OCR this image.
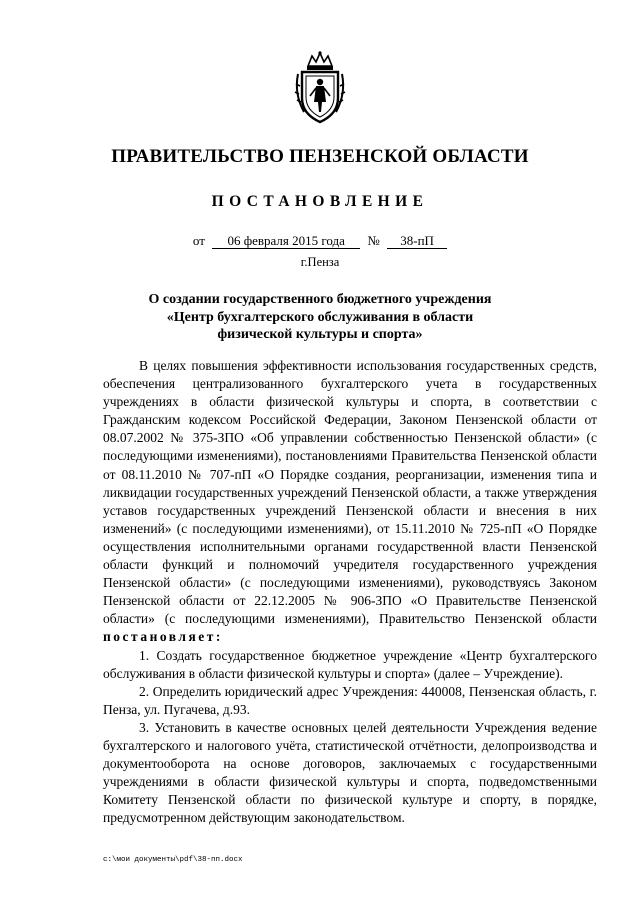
ПРАВИТЕЛЬСТВО ПЕНЗЕНСКОЙ ОБЛАСТИ
ПОСТАНОВЛЕНИЕ
от 06 февраля 2015 года № 38-пП
г.Пенза
О создании государственного бюджетного учреждения
«Центр бухгалтерского обслуживания в области
физической культуры и спорта»

В целях повышения эффективности использования государственных средств, обеспечения централизованного бухгалтерского учета в государственных учреждениях в области физической культуры и спорта, в соответствии с Гражданским кодексом Российской Федерации, Законом Пензенской области от 08.07.2002 № 375-ЗПО «Об управлении собственностью Пензенской области» (с последующими изменениями), постановлениями Правительства Пензенской области от 08.11.2010 № 707-пП «О Порядке создания, реорганизации, изменения типа и ликвидации государственных учреждений Пензенской области, а также утверждения уставов государственных учреждений Пензенской области и внесения в них изменений» (с последующими изменениями), от 15.11.2010 № 725-пП «О Порядке осуществления исполнительными органами государственной власти Пензенской области функций и полномочий учредителя государственного учреждения Пензенской области» (с последующими изменениями), руководствуясь Законом Пензенской области от 22.12.2005 № 906-ЗПО «О Правительстве Пензенской области» (с последующими изменениями), Правительство Пензенской области постановляет:

1. Создать государственное бюджетное учреждение «Центр бухгалтерского обслуживания в области физической культуры и спорта» (далее – Учреждение).

2. Определить юридический адрес Учреждения: 440008, Пензенская область, г. Пенза, ул. Пугачева, д.93.

3. Установить в качестве основных целей деятельности Учреждения ведение бухгалтерского и налогового учёта, статистической отчётности, делопроизводства и документооборота на основе договоров, заключаемых с государственными учреждениями в области физической культуры и спорта, подведомственными Комитету Пензенской области по физической культуре и спорту, в порядке, предусмотренном действующим законодательством.

c:\мои документы\pdf\38-пп.docx
